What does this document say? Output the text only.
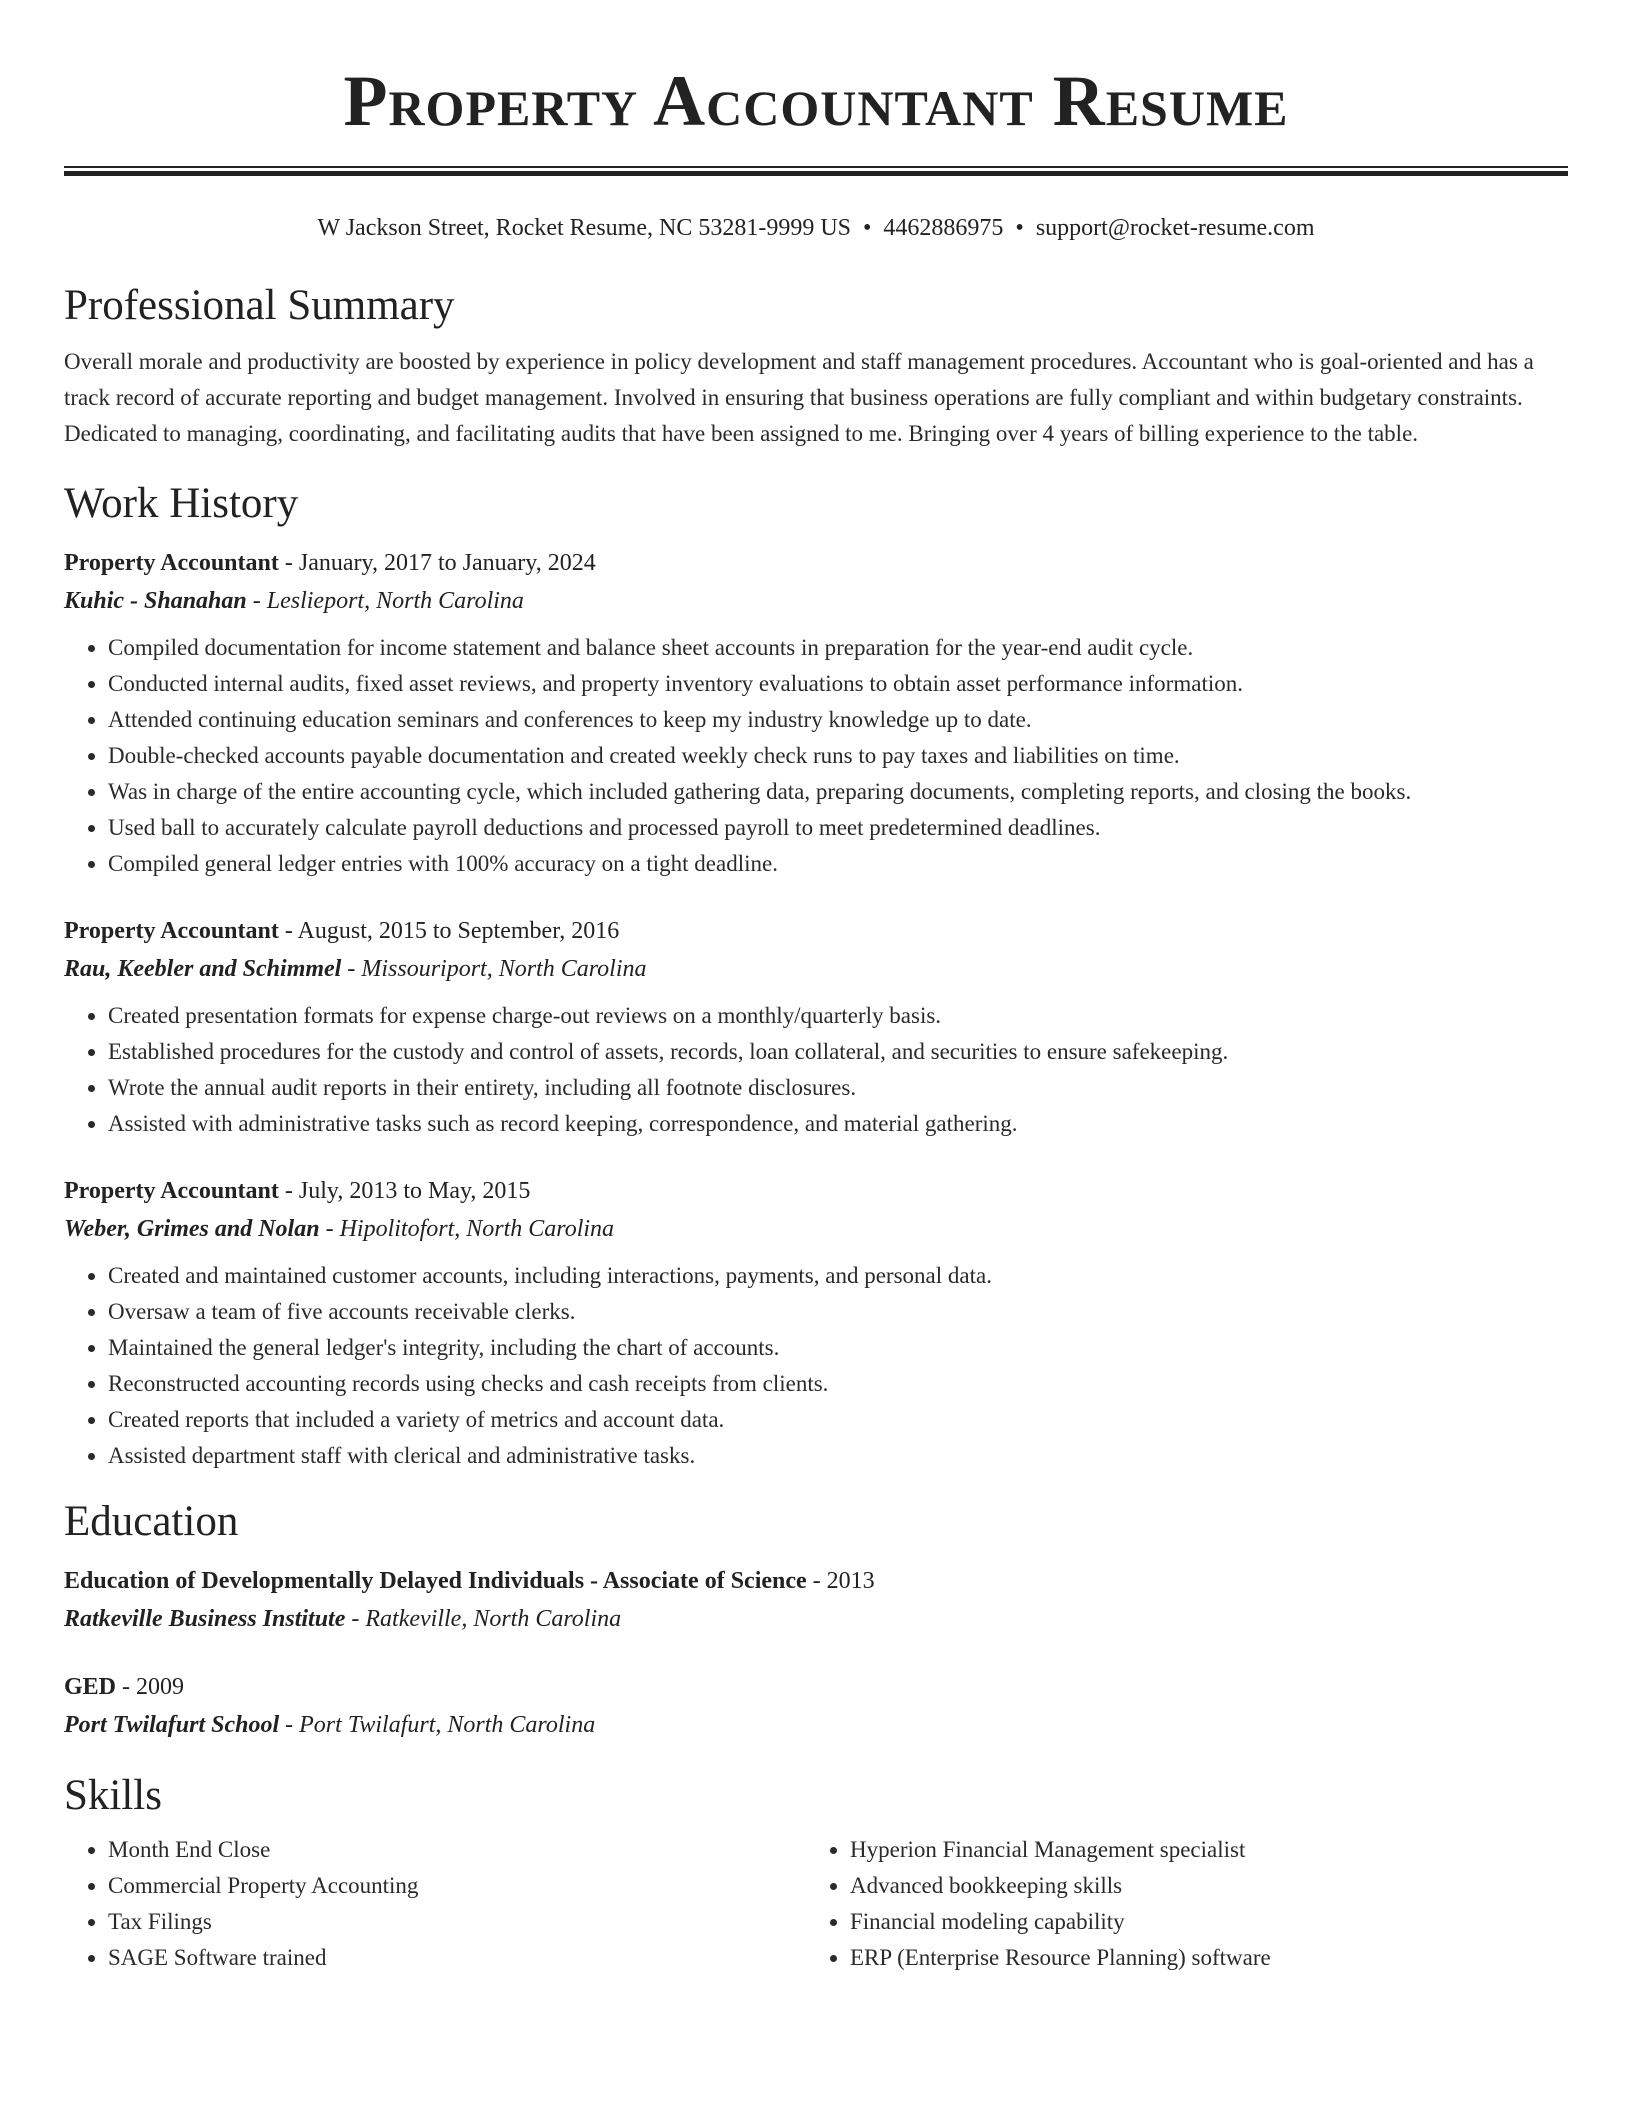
Property Accountant Resume
W Jackson Street, Rocket Resume, NC 53281-9999 US • 4462886975 • support@rocket-resume.com
Professional Summary
Overall morale and productivity are boosted by experience in policy development and staff management procedures. Accountant who is goal-oriented and has a track record of accurate reporting and budget management. Involved in ensuring that business operations are fully compliant and within budgetary constraints. Dedicated to managing, coordinating, and facilitating audits that have been assigned to me. Bringing over 4 years of billing experience to the table.
Work History
Property Accountant - January, 2017 to January, 2024
Kuhic - Shanahan - Leslieport, North Carolina
• Compiled documentation for income statement and balance sheet accounts in preparation for the year-end audit cycle.
• Conducted internal audits, fixed asset reviews, and property inventory evaluations to obtain asset performance information.
• Attended continuing education seminars and conferences to keep my industry knowledge up to date.
• Double-checked accounts payable documentation and created weekly check runs to pay taxes and liabilities on time.
• Was in charge of the entire accounting cycle, which included gathering data, preparing documents, completing reports, and closing the books.
• Used ball to accurately calculate payroll deductions and processed payroll to meet predetermined deadlines.
• Compiled general ledger entries with 100% accuracy on a tight deadline.
Property Accountant - August, 2015 to September, 2016
Rau, Keebler and Schimmel - Missouriport, North Carolina
• Created presentation formats for expense charge-out reviews on a monthly/quarterly basis.
• Established procedures for the custody and control of assets, records, loan collateral, and securities to ensure safekeeping.
• Wrote the annual audit reports in their entirety, including all footnote disclosures.
• Assisted with administrative tasks such as record keeping, correspondence, and material gathering.
Property Accountant - July, 2013 to May, 2015
Weber, Grimes and Nolan - Hipolitofort, North Carolina
• Created and maintained customer accounts, including interactions, payments, and personal data.
• Oversaw a team of five accounts receivable clerks.
• Maintained the general ledger's integrity, including the chart of accounts.
• Reconstructed accounting records using checks and cash receipts from clients.
• Created reports that included a variety of metrics and account data.
• Assisted department staff with clerical and administrative tasks.
Education
Education of Developmentally Delayed Individuals - Associate of Science - 2013
Ratkeville Business Institute - Ratkeville, North Carolina
GED - 2009
Port Twilafurt School - Port Twilafurt, North Carolina
Skills
• Month End Close
• Commercial Property Accounting
• Tax Filings
• SAGE Software trained
• Hyperion Financial Management specialist
• Advanced bookkeeping skills
• Financial modeling capability
• ERP (Enterprise Resource Planning) software
